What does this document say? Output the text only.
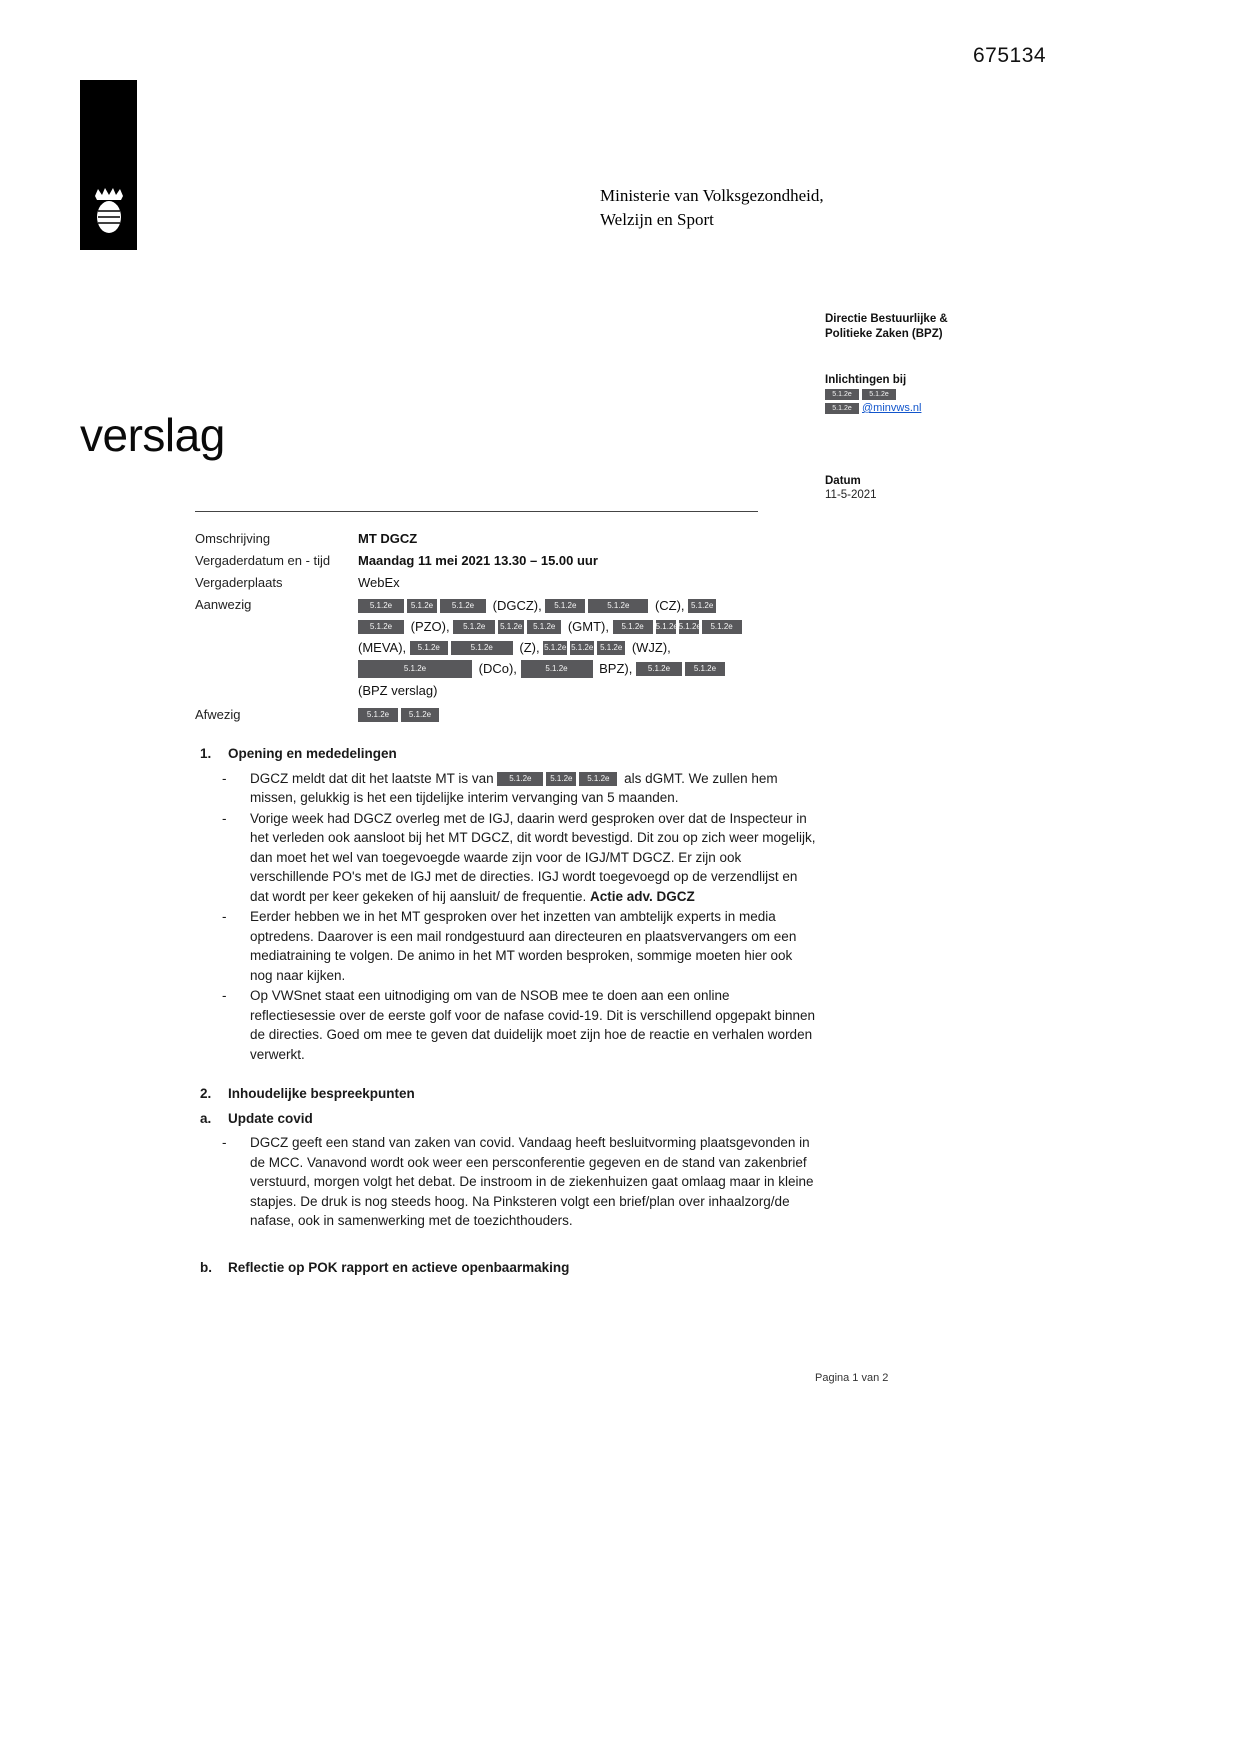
675134
Ministerie van Volksgezondheid,
Welzijn en Sport
Directie Bestuurlijke &
Politieke Zaken (BPZ)
Inlichtingen bij
5.1.2e	5.1.2e
5.1.2e @minvws.nl
Datum
11-5-2021
verslag
Omschrijving	MT DGCZ
Vergaderdatum en - tijd	Maandag 11 mei 2021 13.30 – 15.00 uur
Vergaderplaats	WebEx
Aanwezig	5.1.2e 5.1.2e 5.1.2e (DGCZ), 5.1.2e	5.1.2e (CZ), 5.1.2e
5.1.2e (PZO), 5.1.2e 5.1.2e 5.1.2e (GMT), 5.1.2e 5.1.2e5.1.2e 5.1.2e
(MEVA), 5.1.2e	5.1.2e (Z), 5.1.2e 5.1.2e 5.1.2e (WJZ),
5.1.2e	(DCo),	5.1.2e BPZ), 5.1.2e	5.1.2e
(BPZ verslag)
Afwezig	5.1.2e 5.1.2e
1.	Opening en mededelingen
-	DGCZ meldt dat dit het laatste MT is van 5.1.2e 5.1.2e 5.1.2e als dGMT. We zullen hem missen, gelukkig is het een tijdelijke interim vervanging van 5 maanden.
-	Vorige week had DGCZ overleg met de IGJ, daarin werd gesproken over dat de Inspecteur in het verleden ook aansloot bij het MT DGCZ, dit wordt bevestigd. Dit zou op zich weer mogelijk, dan moet het wel van toegevoegde waarde zijn voor de IGJ/MT DGCZ. Er zijn ook verschillende PO's met de IGJ met de directies. IGJ wordt toegevoegd op de verzendlijst en dat wordt per keer gekeken of hij aansluit/ de frequentie. Actie adv. DGCZ
-	Eerder hebben we in het MT gesproken over het inzetten van ambtelijk experts in media optredens. Daarover is een mail rondgestuurd aan directeuren en plaatsvervangers om een mediatraining te volgen. De animo in het MT worden besproken, sommige moeten hier ook nog naar kijken.
-	Op VWSnet staat een uitnodiging om van de NSOB mee te doen aan een online reflectiesessie over de eerste golf voor de nafase covid-19. Dit is verschillend opgepakt binnen de directies. Goed om mee te geven dat duidelijk moet zijn hoe de reactie en verhalen worden verwerkt.
2.	Inhoudelijke bespreekpunten
a.	Update covid
-	DGCZ geeft een stand van zaken van covid. Vandaag heeft besluitvorming plaatsgevonden in de MCC. Vanavond wordt ook weer een persconferentie gegeven en de stand van zakenbrief verstuurd, morgen volgt het debat. De instroom in de ziekenhuizen gaat omlaag maar in kleine stapjes. De druk is nog steeds hoog. Na Pinksteren volgt een brief/plan over inhaalzorg/de nafase, ook in samenwerking met de toezichthouders.
b.	Reflectie op POK rapport en actieve openbaarmaking
Pagina 1 van 2
